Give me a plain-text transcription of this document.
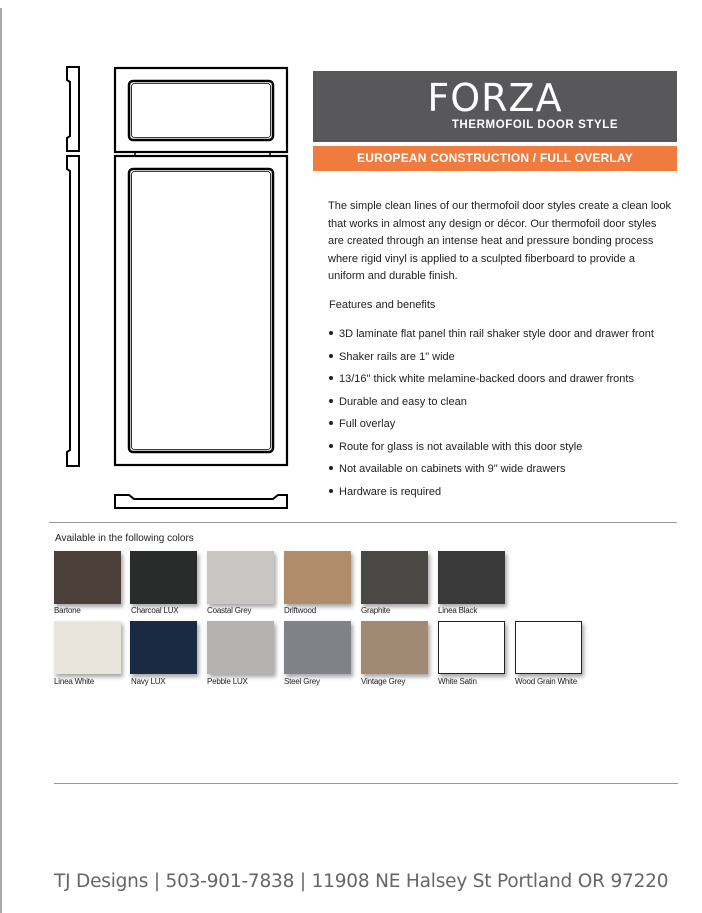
FORZA
THERMOFOIL DOOR STYLE
EUROPEAN CONSTRUCTION / FULL OVERLAY
The simple clean lines of our thermofoil door styles create a clean look that works in almost any design or décor. Our thermofoil door styles are created through an intense heat and pressure bonding process where rigid vinyl is applied to a sculpted fiberboard to provide a uniform and durable finish.
Features and benefits
3D laminate flat panel thin rail shaker style door and drawer front
Shaker rails are 1" wide
13/16" thick white melamine-backed doors and drawer fronts
Durable and easy to clean
Full overlay
Route for glass is not available with this door style
Not available on cabinets with 9" wide drawers
Hardware is required
Available in the following colors
Bartone	Charcoal LUX	Coastal Grey	Driftwood	Graphite	Linea Black
Linea White	Navy LUX	Pebble LUX	Steel Grey	Vintage Grey	White Satin	Wood Grain White
TJ Designs | 503-901-7838 | 11908 NE Halsey St Portland OR 97220
